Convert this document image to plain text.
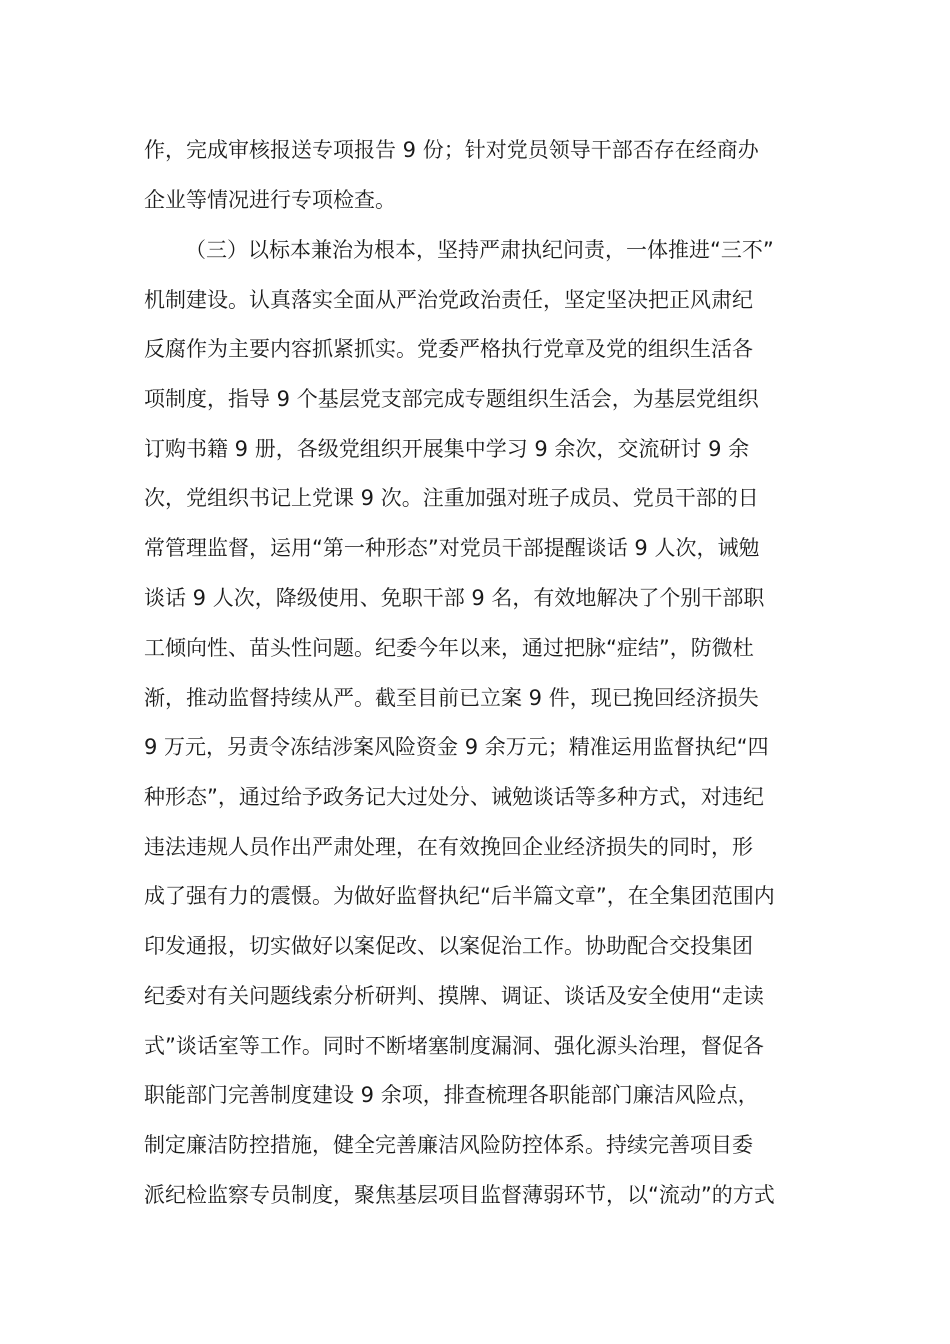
作，完成审核报送专项报告 9 份；针对党员领导干部否存在经商办
企业等情况进行专项检查。
（三）以标本兼治为根本，坚持严肃执纪问责，一体推进“三不”
机制建设。认真落实全面从严治党政治责任，坚定坚决把正风肃纪
反腐作为主要内容抓紧抓实。党委严格执行党章及党的组织生活各
项制度，指导 9 个基层党支部完成专题组织生活会，为基层党组织
订购书籍 9 册，各级党组织开展集中学习 9 余次，交流研讨 9 余
次，党组织书记上党课 9 次。注重加强对班子成员、党员干部的日
常管理监督，运用“第一种形态”对党员干部提醒谈话 9 人次，诫勉
谈话 9 人次，降级使用、免职干部 9 名，有效地解决了个别干部职
工倾向性、苗头性问题。纪委今年以来，通过把脉“症结”，防微杜
渐，推动监督持续从严。截至目前已立案 9 件，现已挽回经济损失
9 万元，另责令冻结涉案风险资金 9 余万元；精准运用监督执纪“四
种形态”，通过给予政务记大过处分、诫勉谈话等多种方式，对违纪
违法违规人员作出严肃处理，在有效挽回企业经济损失的同时，形
成了强有力的震慑。为做好监督执纪“后半篇文章”，在全集团范围内
印发通报，切实做好以案促改、以案促治工作。协助配合交投集团
纪委对有关问题线索分析研判、摸牌、调证、谈话及安全使用“走读
式”谈话室等工作。同时不断堵塞制度漏洞、强化源头治理，督促各
职能部门完善制度建设 9 余项，排查梳理各职能部门廉洁风险点，
制定廉洁防控措施，健全完善廉洁风险防控体系。持续完善项目委
派纪检监察专员制度，聚焦基层项目监督薄弱环节，以“流动”的方式
